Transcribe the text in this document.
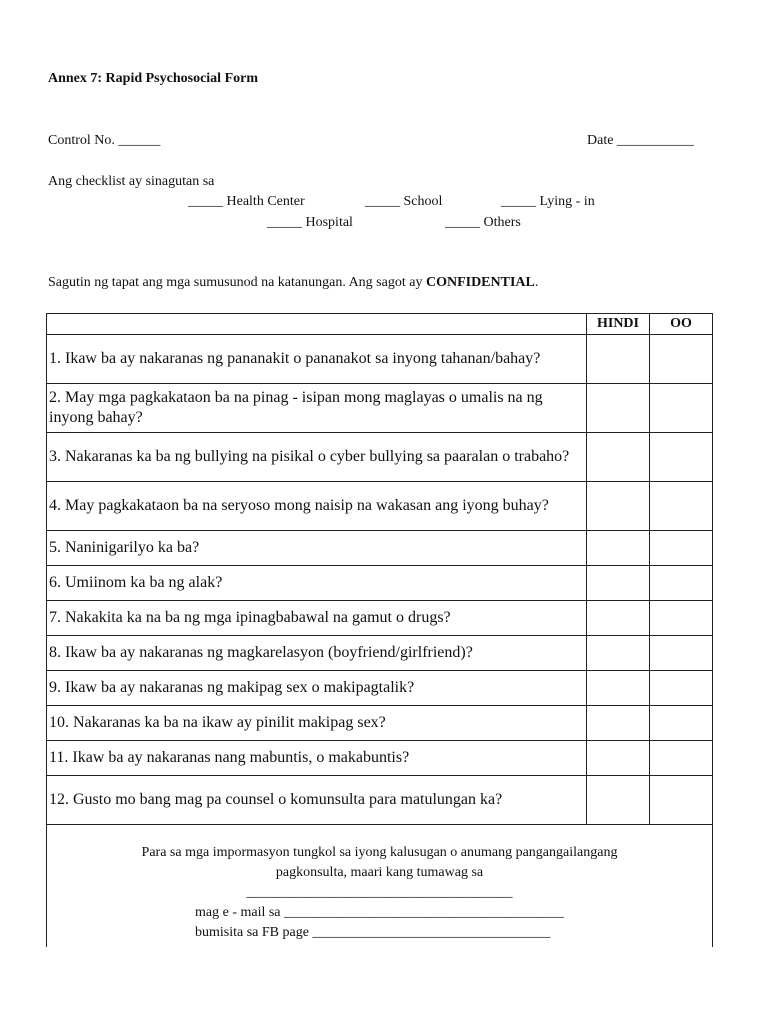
Annex 7: Rapid Psychosocial Form
Control No. ______	Date ___________
Ang checklist ay sinagutan sa
_____ Health Center	_____ School	_____ Lying - in
_____ Hospital	_____ Others
Sagutin ng tapat ang mga sumusunod na katanungan. Ang sagot ay CONFIDENTIAL.
	HINDI	OO
1. Ikaw ba ay nakaranas ng pananakit o pananakot sa inyong tahanan/bahay?		
2. May mga pagkakataon ba na pinag - isipan mong maglayas o umalis na ng inyong bahay?		
3. Nakaranas ka ba ng bullying na pisikal o cyber bullying sa paaralan o trabaho?		
4. May pagkakataon ba na seryoso mong naisip na wakasan ang iyong buhay?		
5. Naninigarilyo ka ba?		
6. Umiinom ka ba ng alak?		
7. Nakakita ka na ba ng mga ipinagbabawal na gamut o drugs?		
8. Ikaw ba ay nakaranas ng magkarelasyon (boyfriend/girlfriend)?		
9. Ikaw ba ay nakaranas ng makipag sex o makipagtalik?		
10. Nakaranas ka ba na ikaw ay pinilit makipag sex?		
11. Ikaw ba ay nakaranas nang mabuntis, o makabuntis?		
12. Gusto mo bang mag pa counsel o komunsulta para matulungan ka?		

Para sa mga impormasyon tungkol sa iyong kalusugan o anumang pangangailangang
pagkonsulta, maari kang tumawag sa
______________________________________
mag e - mail sa ________________________________________
bumisita sa FB page __________________________________		
